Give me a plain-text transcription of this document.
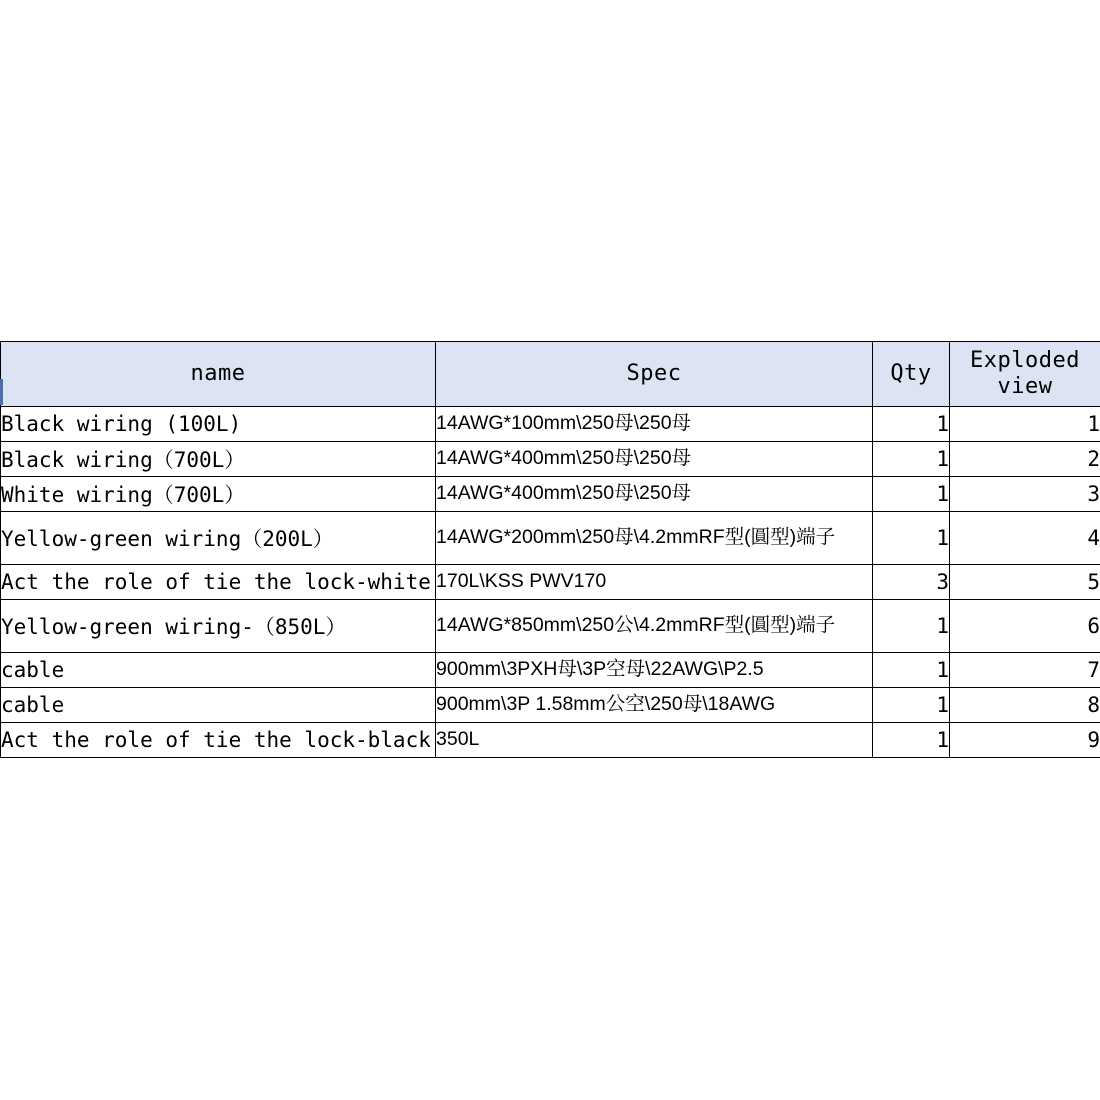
name	Spec	Qty	Exploded view
Black wiring (100L)	14AWG*100mm\250母\250母	1	1
Black wiring（700L）	14AWG*400mm\250母\250母	1	2
White wiring（700L）	14AWG*400mm\250母\250母	1	3
Yellow-green wiring（200L）	14AWG*200mm\250母\4.2mmRF型(圓型)端子	1	4
Act the role of tie the lock-white	170L\KSS PWV170	3	5
Yellow-green wiring-（850L）	14AWG*850mm\250公\4.2mmRF型(圓型)端子	1	6
cable	900mm\3PXH母\3P空母\22AWG\P2.5	1	7
cable	900mm\3P 1.58mm公空\250母\18AWG	1	8
Act the role of tie the lock-black	350L	1	9
